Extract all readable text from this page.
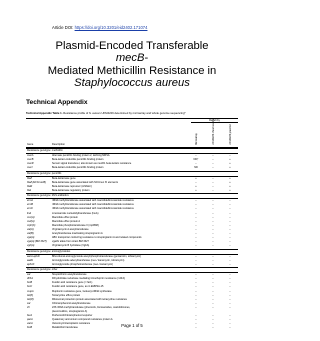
Article DOI: https://doi.org/10.3201/eid2402.171074
Plasmid-Encoded Transferable mecB-
Mediated Methicillin Resistance in
Staphylococcus aureus
Technical Appendix
Technical Appendix Table 1. Resistance profile of S. aureus UKM4229 determined by microarray and whole genome sequencing*
Result by
Microarray	UKM4229 chromosome	UKM4229 plasmid
Gene	Description
Resistance genotype: methicillin
mecA	Alternate penicillin binding protein 2, defining MRSA	–	–	–
mecB	Beta-lactam-inducible penicillin binding protein	ND†	–	+
mecR	Sensor signal transducer, also known as mecR1 beta-lactam resistance	–	–	+
mecI	Beta-lactam-inducible penicillin binding protein	ND	–	+
Resistance genotype: penicillin
blaZ	Beta-lactamase gene	+	–	+
blaZ (ECCmecB)	Beta-lactamase gene associated with SCCmec XI elements	–	–	+
blaR	Beta-lactamase repressor (inhibitor)	+	–	+
blaI	Beta-lactamase regulatory protein	+	–	+
Resistance genotype: MLS antibiotics
ermA	rRNA methyltransferase associated with macrolide/lincosamide resistance	–	–	–
ermB	rRNA methyltransferase associated with macrolide/lincosamide resistance	–	–	–
ermC	rRNA methyltransferase associated with macrolide/lincosamide resistance	–	–	–
linA	Lincosamide nucleotidyltransferase (lnuA)	–	–	–
msr(A)	Macrolide efflux protein	–	–	–
mef(A)	Macrolide efflux protein A	–	–	–
mph(C)	Macrolide phosphotransferase II (mphBM)	–	–	–
vat(A)	Virginiamycin A acetyltransferase	–	–	–
vat(B)	Acetyltransferase inactivating streptogramin A	–	–	–
vga(A)	ABC transporter conferring resistance to streptogramin A and related compounds	–	–	–
vga(A) (BM 3327)	vgaAV allele from strain BM 3327	–	–	–
vgb(A)	Virginiamycin B hydrolase (VgbA)	–	–	–
Resistance genotype: aminoglycosides
aacA-aphD	Bifunctional aminoglycoside acetyl/phosphotransferase (gentamicin, tobramycin)	–	–	–
aadD	Aminoglycoside adenyltransferase (neo-/ kanamycin, tobramycin)	–	–	–
aphA3	Aminoglycoside phosphotransferase (neo-/ kanamycin)	–	–	–
Resistance genotype: other
sat	Streptothricin acetyltransferase	–	–	–
dfrS1	Dihydrofolate reductase mediating trimethoprim resistance (=dfrA)	–	–	–
fusB	Fusidic acid resistance gene (= far1)	–	–	–
fusC	Fusidic acid resistance gene, as in EMRSA-15	–	–	–
mupA	Mupirocin resistance gene, Isoleucyl-tRNA synthetase	–	–	–
tet(K)	Tetracycline efflux protein	–	–	–
tet(M)	Ribosomal protection protein associated with tetracycline resistance	–	–	–
cat	Chloramphenicol acetyltransferase	–	–	–
cfr	23S rRNA methyltransferase (phenicols, lincosamides, oxazolidinones,	–	–	–
pleuromutilins, streptogramin A)
fexA	Florfenicol/chloramphenicol exporter	–	–	–
qacA	Quaternary ammonium compound resistance protein A	–	–	–
vanA	Vancomycin/teicoplanin resistance	–	–	–
fosB	Metallothiol transferase	–	–	–
Page 1 of 5
